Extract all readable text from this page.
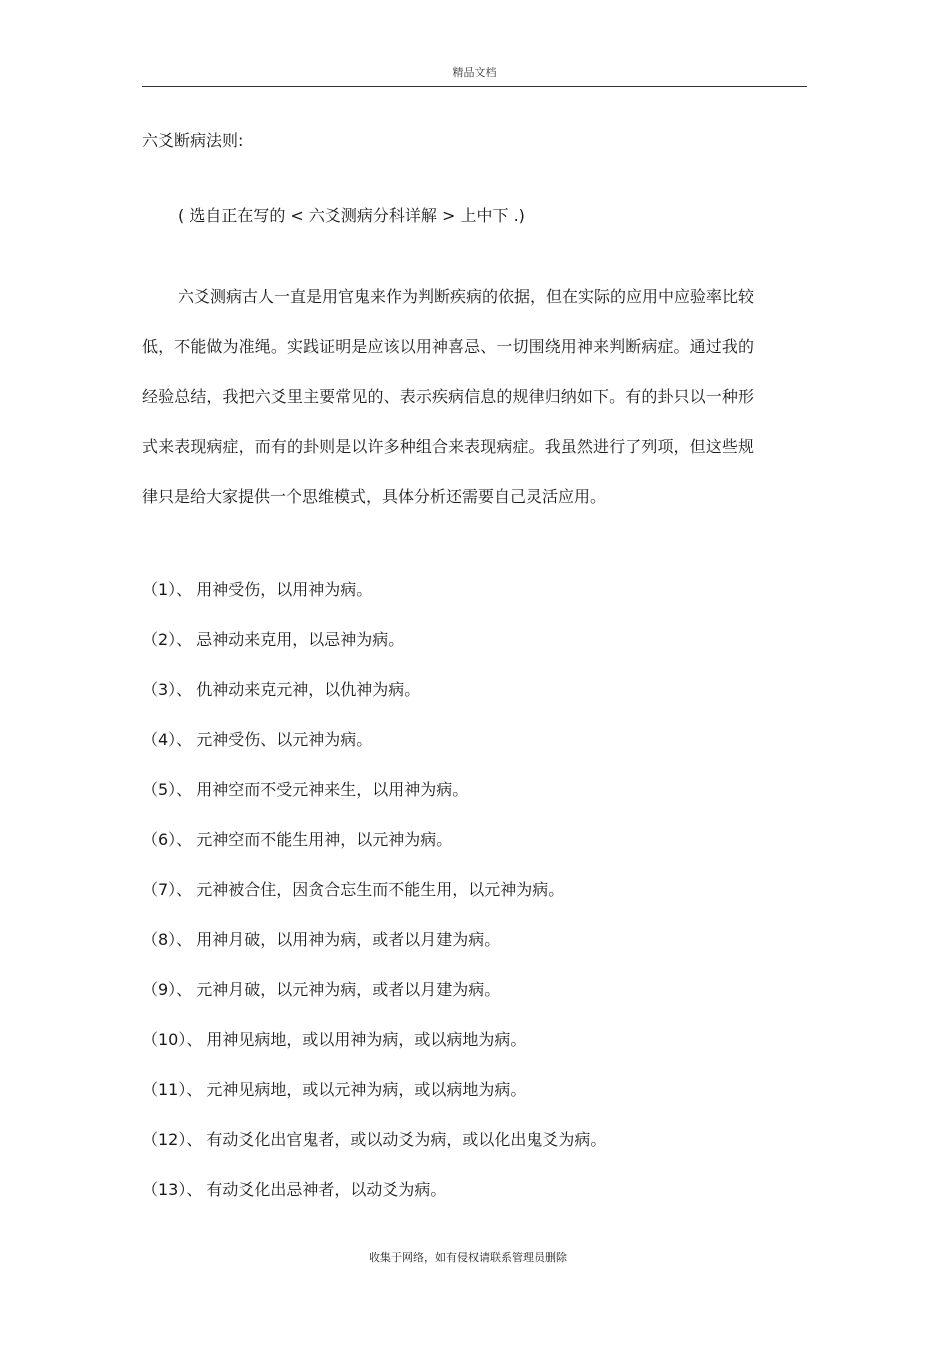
精品文档
六爻断病法则:
( 选自正在写的 < 六爻测病分科详解 > 上中下 .)

六爻测病古人一直是用官鬼来作为判断疾病的依据，但在实际的应用中应验率比较低，不能做为准绳。实践证明是应该以用神喜忌、一切围绕用神来判断病症。通过我的经验总结，我把六爻里主要常见的、表示疾病信息的规律归纳如下。有的卦只以一种形式来表现病症，而有的卦则是以许多种组合来表现病症。我虽然进行了列项，但这些规律只是给大家提供一个思维模式，具体分析还需要自己灵活应用。

（1）、 用神受伤，以用神为病。
（2）、 忌神动来克用，以忌神为病。
（3）、 仇神动来克元神，以仇神为病。
（4）、 元神受伤、以元神为病。
（5）、 用神空而不受元神来生，以用神为病。
（6）、 元神空而不能生用神，以元神为病。
（7）、 元神被合住，因贪合忘生而不能生用，以元神为病。
（8）、 用神月破，以用神为病，或者以月建为病。
（9）、 元神月破，以元神为病，或者以月建为病。
（10）、 用神见病地，或以用神为病，或以病地为病。
（11）、 元神见病地，或以元神为病，或以病地为病。
（12）、 有动爻化出官鬼者，或以动爻为病，或以化出鬼爻为病。
（13）、 有动爻化出忌神者，以动爻为病。
收集于网络，如有侵权请联系管理员删除
